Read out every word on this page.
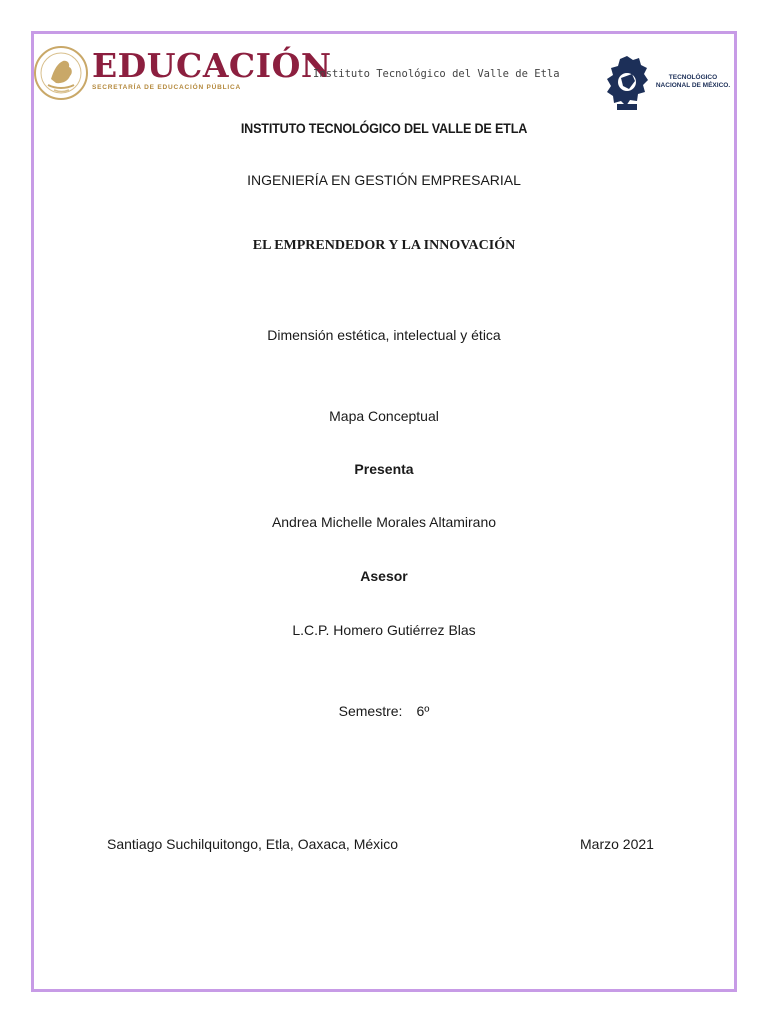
EDUCACIÓN
SECRETARÍA DE EDUCACIÓN PÚBLICA
Instituto Tecnológico del Valle de Etla	TECNOLÓGICO
NACIONAL DE MÉXICO.
INSTITUTO TECNOLÓGICO DEL VALLE DE ETLA
INGENIERÍA EN GESTIÓN EMPRESARIAL
EL EMPRENDEDOR Y LA INNOVACIÓN
Dimensión estética, intelectual y ética
Mapa Conceptual
Presenta
Andrea Michelle Morales Altamirano
Asesor
L.C.P. Homero Gutiérrez Blas
Semestre: 6º
Santiago Suchilquitongo, Etla, Oaxaca, México	Marzo 2021
